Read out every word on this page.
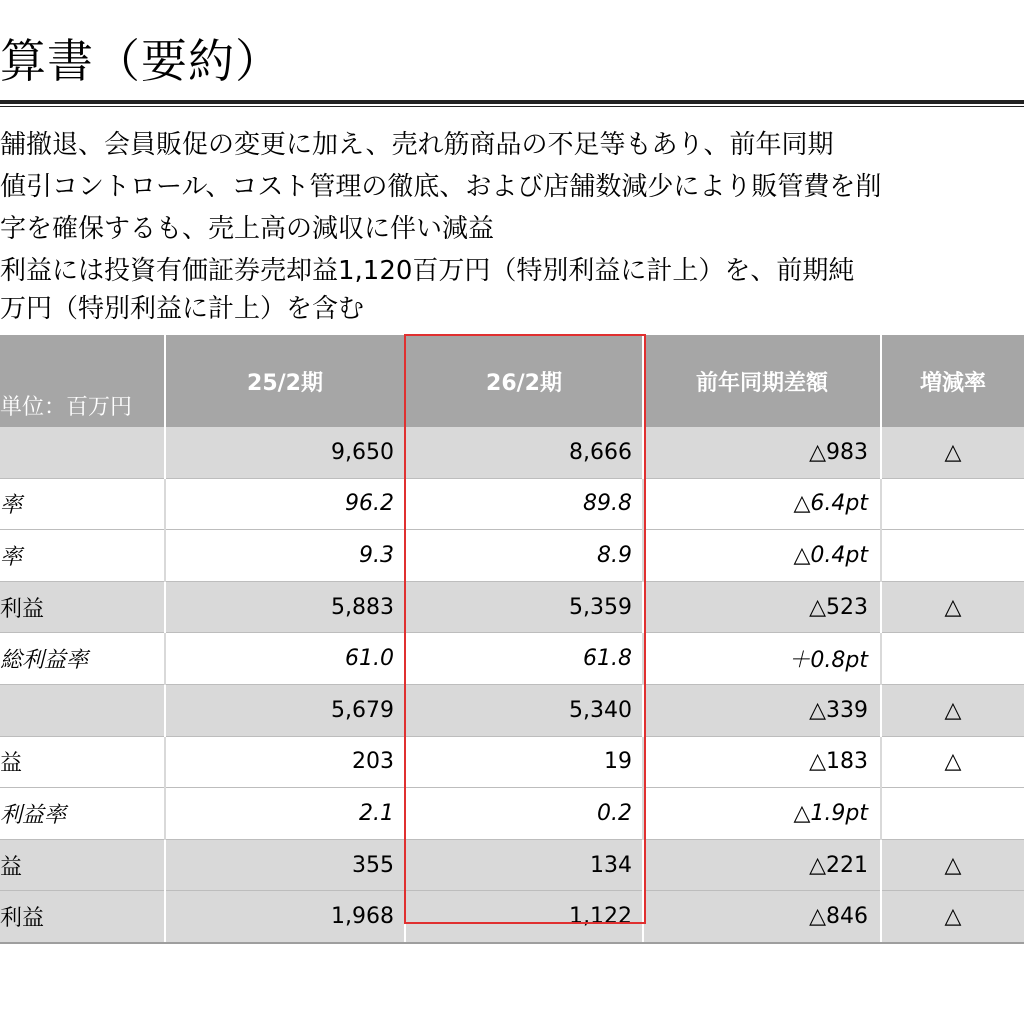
算書（要約）
舗撤退、会員販促の変更に加え、売れ筋商品の不足等もあり、前年同期
値引コントロール、コスト管理の徹底、および店舗数減少により販管費を削
字を確保するも、売上高の減収に伴い減益
利益には投資有価証券売却益1,120百万円（特別利益に計上）を、前期純
万円（特別利益に計上）を含む
単位：百万円	25/2期	26/2期	前年同期差額	増減率
	9,650	8,666	△983	△
率	96.2	89.8	△6.4pt	
率	9.3	8.9	△0.4pt	
利益	5,883	5,359	△523	△
総利益率	61.0	61.8	＋0.8pt	
	5,679	5,340	△339	△
益	203	19	△183	△
利益率	2.1	0.2	△1.9pt	
益	355	134	△221	△
利益	1,968	1,122	△846	△
